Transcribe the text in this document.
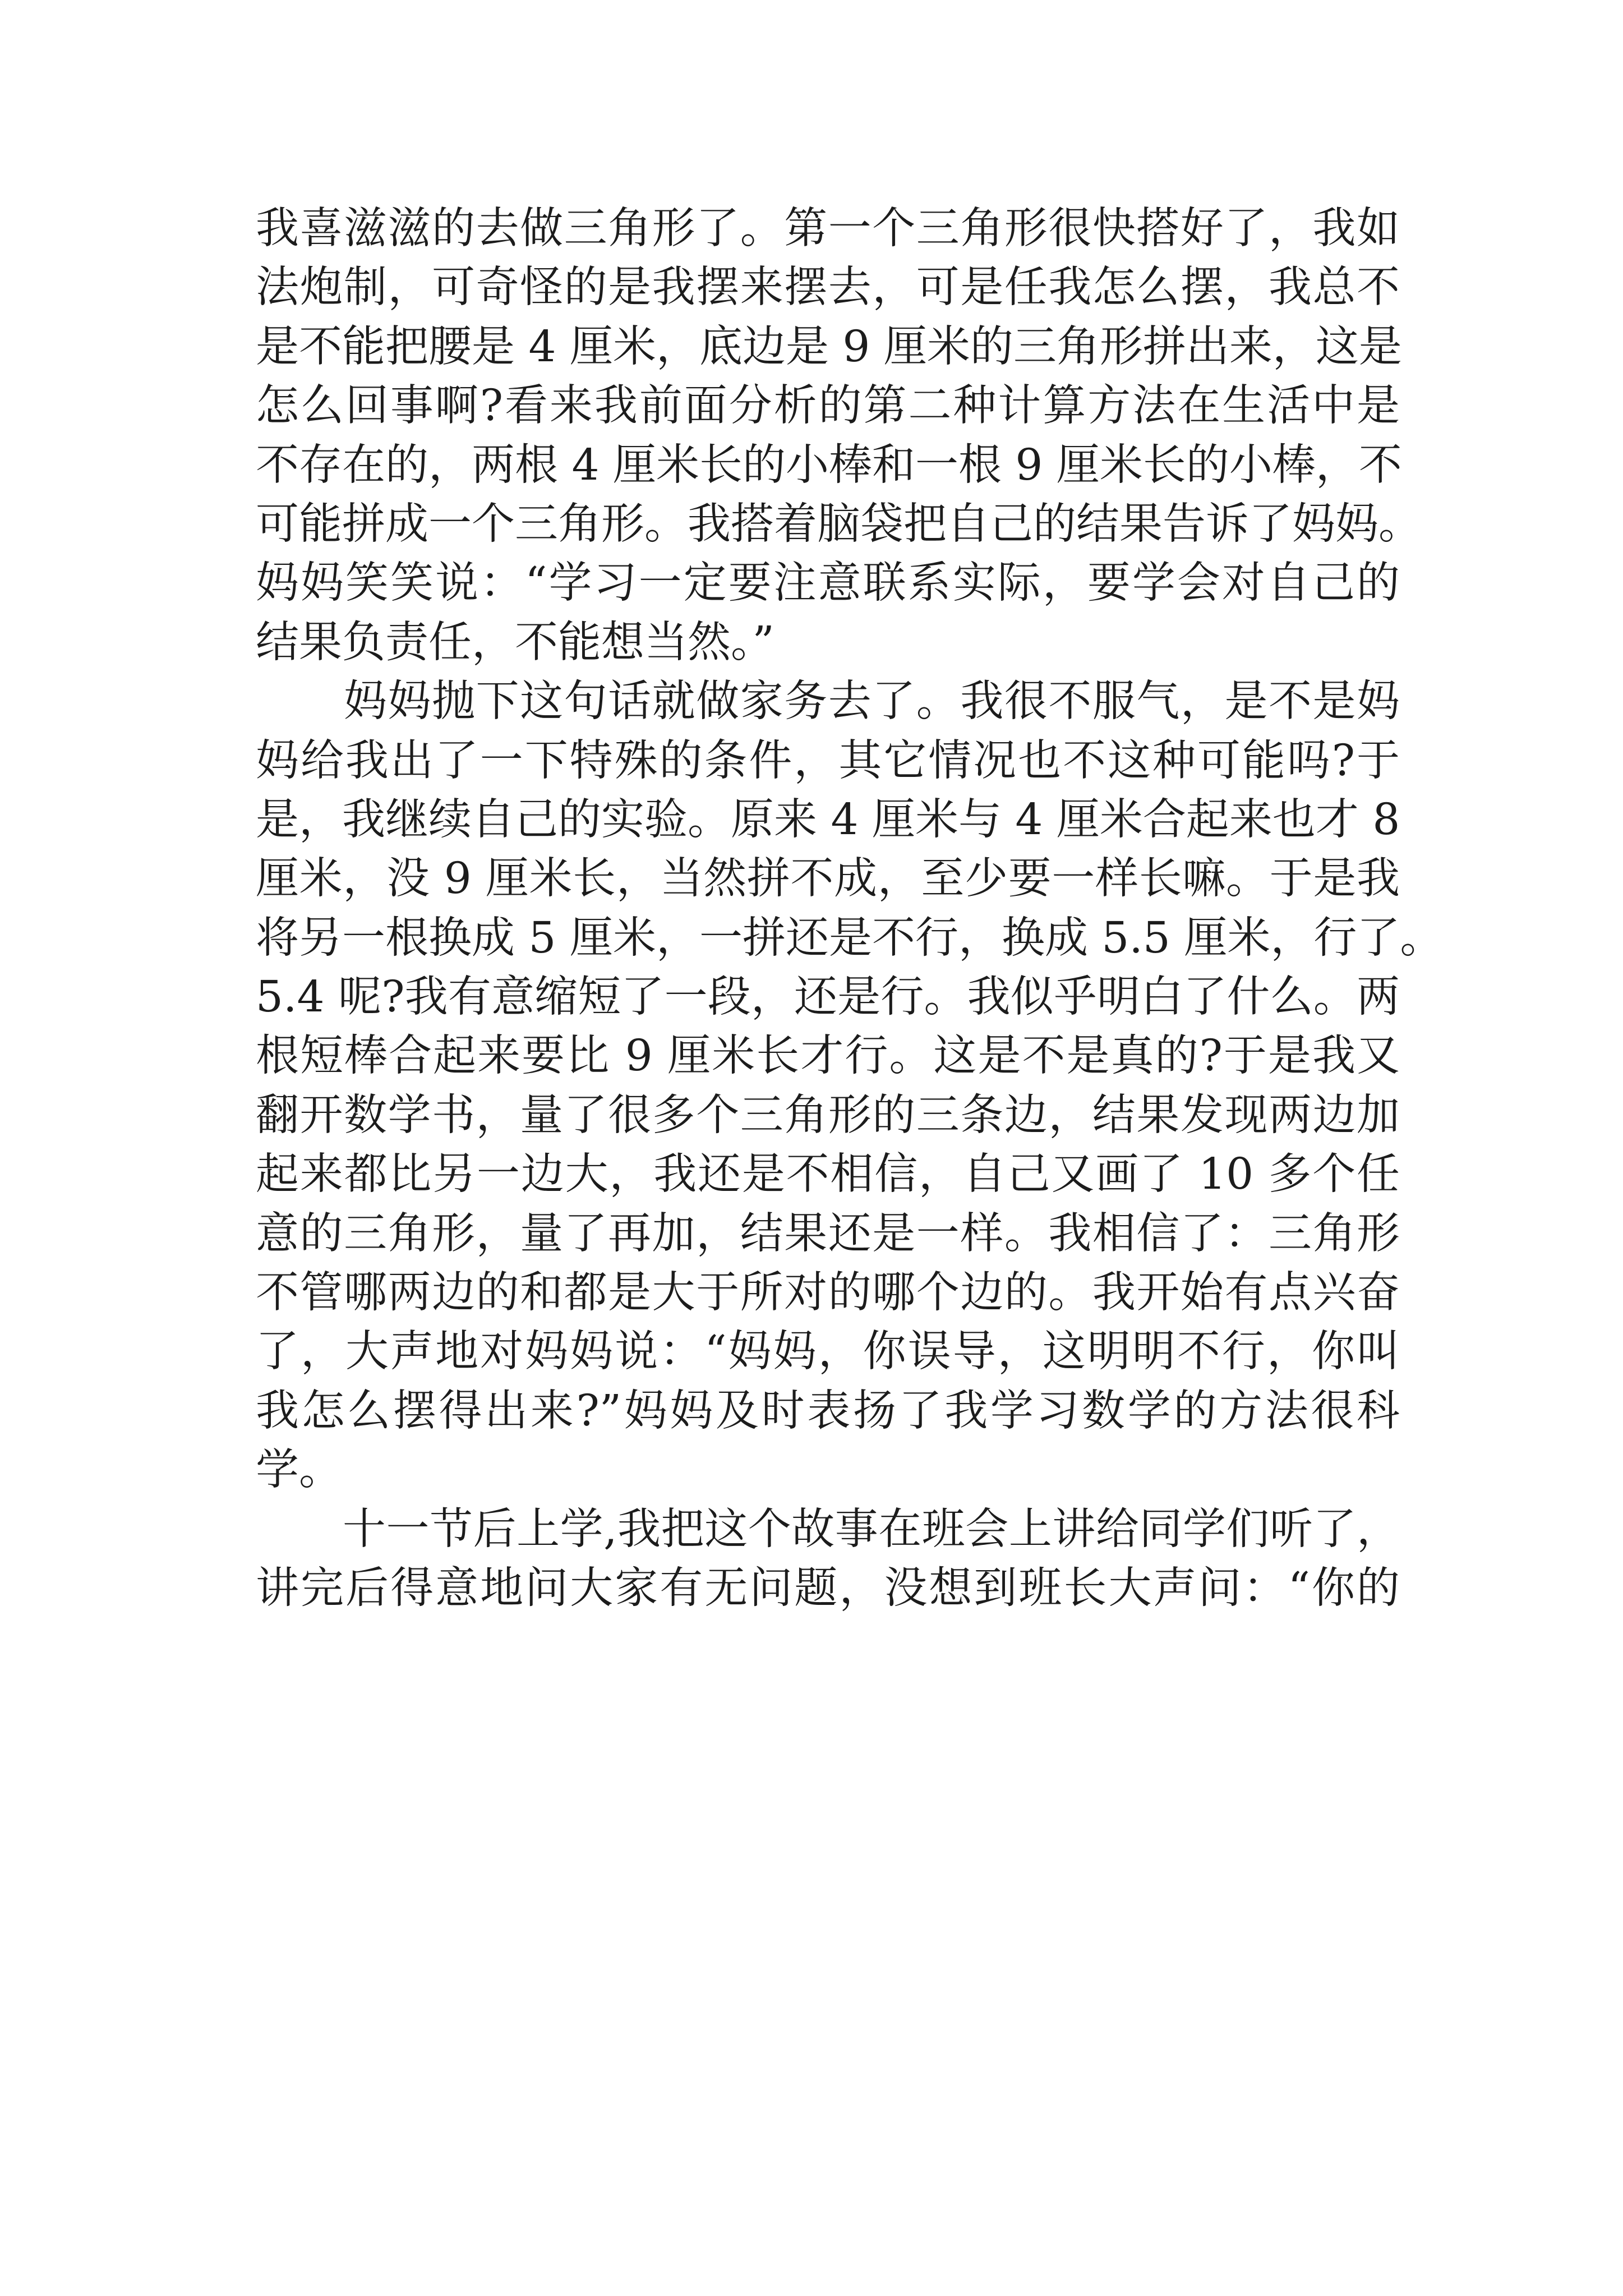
我喜滋滋的去做三角形了。第一个三角形很快搭好了，我如
法炮制，可奇怪的是我摆来摆去，可是任我怎么摆，我总不
是不能把腰是 4 厘米，底边是 9 厘米的三角形拼出来，这是
怎么回事啊?看来我前面分析的第二种计算方法在生活中是
不存在的，两根 4 厘米长的小棒和一根 9 厘米长的小棒，不
可能拼成一个三角形。我搭着脑袋把自己的结果告诉了妈妈。
妈妈笑笑说：“学习一定要注意联系实际，要学会对自己的
结果负责任，不能想当然。”
　　妈妈抛下这句话就做家务去了。我很不服气，是不是妈
妈给我出了一下特殊的条件，其它情况也不这种可能吗?于
是，我继续自己的实验。原来 4 厘米与 4 厘米合起来也才 8
厘米，没 9 厘米长，当然拼不成，至少要一样长嘛。于是我
将另一根换成 5 厘米，一拼还是不行，换成 5.5 厘米，行了。
5.4 呢?我有意缩短了一段，还是行。我似乎明白了什么。两
根短棒合起来要比 9 厘米长才行。这是不是真的?于是我又
翻开数学书，量了很多个三角形的三条边，结果发现两边加
起来都比另一边大，我还是不相信，自己又画了 10 多个任
意的三角形，量了再加，结果还是一样。我相信了：三角形
不管哪两边的和都是大于所对的哪个边的。我开始有点兴奋
了，大声地对妈妈说：“妈妈，你误导，这明明不行，你叫
我怎么摆得出来?”妈妈及时表扬了我学习数学的方法很科
学。
　　十一节后上学,我把这个故事在班会上讲给同学们听了，
讲完后得意地问大家有无问题，没想到班长大声问：“你的
